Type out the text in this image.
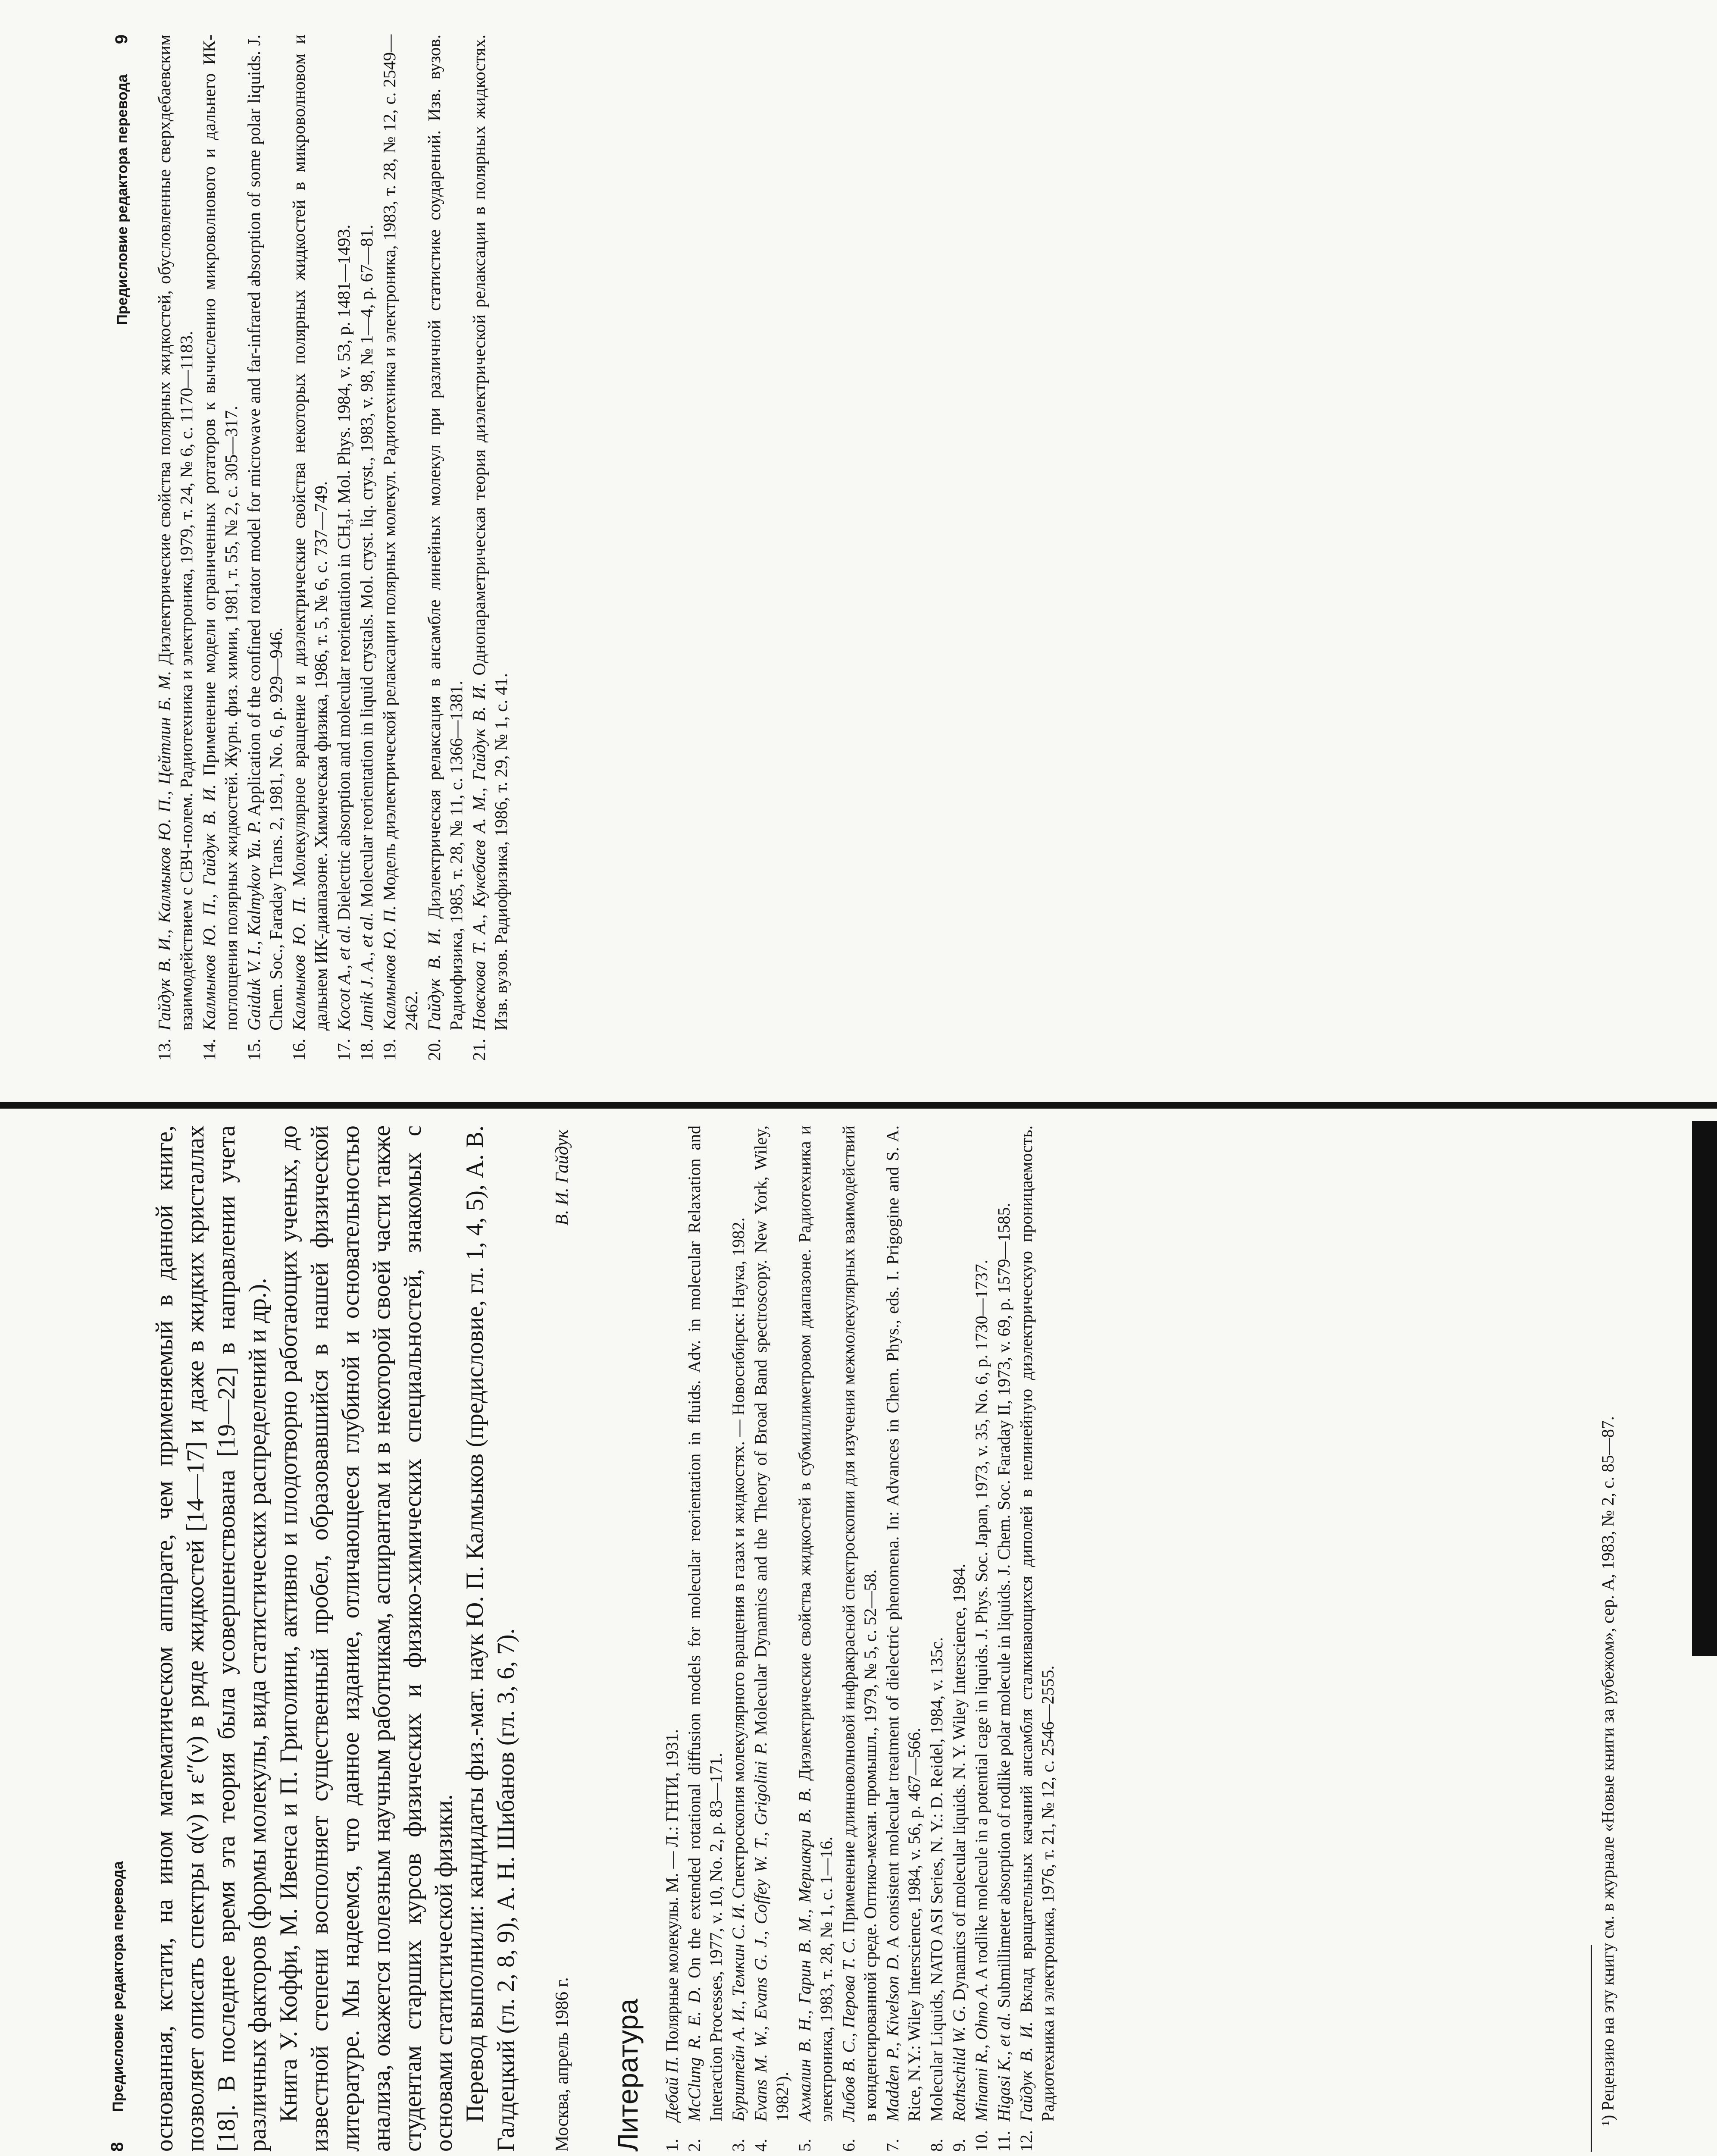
8
Предисловие редактора перевода основанная, кстати, на ином математическом аппарате, чем применяемый в данной книге, позволяет описать спектры α(ν) и ε″(ν) в ряде жидкостей [14—17] и даже в жидких кристаллах [18]. В последнее время эта теория была усовершенствована [19—22] в направлении учета различных факторов (формы молекулы, вида статистических распределений и др.). Книга У. Коффи, М. Ивенса и П. Григолини, активно и плодотворно работающих ученых, до известной степени восполняет существенный пробел, образовавшийся в нашей физической литературе. Мы надеемся, что данное издание, отличающееся глубиной и основательностью анализа, окажется полезным научным работникам, аспирантам и в некоторой своей части также студентам старших курсов физических и физико-химических специальностей, знакомых с основами статистической физики. Перевод выполнили: кандидаты физ.-мат. наук Ю. П. Калмыков (предисловие, гл. 1, 4, 5), А. В. Галдецкий (гл. 2, 8, 9), А. Н. Шибанов (гл. 3, 6, 7). Москва, апрель 1986 г.
В. И. Гайдук
Литература 1.
Дебай П. Полярные молекулы. М. — Л.: ГНТИ, 1931.
2.
McClung R. E. D. On the extended rotational diffusion models for molecular reorientation in fluids. Adv. in molecular Relaxation and Interaction Processes, 1977, v. 10, No. 2, p. 83—171.
3.
Бурштейн А. И., Темкин С. И. Спектроскопия молекулярного вращения в газах и жидкостях. — Новосибирск: Наука, 1982.
4.
Evans M. W., Evans G. J., Coffey W. T., Grigolini P. Molecular Dynamics and the Theory of Broad Band spectroscopy. New York, Wiley, 1982¹).
5.
Ахмалин В. Н., Гарин В. М., Мериакри В. В. Диэлектрические свойства жидкостей в субмиллиметровом диапазоне. Радиотехника и электроника, 1983, т. 28, № 1, с. 1—16.
6.
Либов В. С., Перова Т. С. Применение длинноволновой инфракрасной спектроскопии для изучения межмолекулярных взаимодействий в конденсированной среде. Оптико-механ. промышл., 1979, № 5, с. 52—58.
7.
Madden P., Kivelson D. A consistent molecular treatment of dielectric phenomena. In: Advances in Chem. Phys., eds. I. Prigogine and S. A. Rice, N.Y.: Wiley Interscience, 1984, v. 56, p. 467—566.
8.
Molecular Liquids, NATO ASI Series, N. Y.: D. Reidel, 1984, v. 135c.
9.
Rothschild W. G. Dynamics of molecular liquids. N. Y. Wiley Interscience, 1984.
10.
Minami R., Ohno A. A rodlike molecule in a potential cage in liquids. J. Phys. Soc. Japan, 1973, v. 35, No. 6, p. 1730—1737.
11.
Higasi K., et al. Submillimeter absorption of rodlike polar molecule in liquids. J. Chem. Soc. Faraday II, 1973, v. 69, p. 1579—1585.
12.
Гайдук В. И. Вклад вращательных качаний ансамбля сталкивающихся диполей в нелинейную диэлектрическую проницаемость. Радиотехника и электроника, 1976, т. 21, № 12, с. 2546—2555.	¹) Рецензию на эту книгу см. в журнале «Новые книги за рубежом», сер. А, 1983, № 2, с. 85—87.
Предисловие редактора перевода
9
13.
Гайдук В. И., Калмыков Ю. П., Цейтлин Б. М. Диэлектрические свойства полярных жидкостей, обусловленные сверхдебаевским взаимодействием с СВЧ-полем. Радиотехника и электроника, 1979, т. 24, № 6, с. 1170—1183.
14.
Калмыков Ю. П., Гайдук В. И. Применение модели ограниченных ротаторов к вычислению микроволнового и дальнего ИК-поглощения полярных жидкостей. Журн. физ. химии, 1981, т. 55, № 2, с. 305—317.
15.
Gaiduk V. I., Kalmykov Yu. P. Application of the confined rotator model for microwave and far-infrared absorption of some polar liquids. J. Chem. Soc., Faraday Trans. 2, 1981, No. 6, p. 929—946.
16.
Калмыков Ю. П. Молекулярное вращение и диэлектрические свойства некоторых полярных жидкостей в микроволновом и дальнем ИК-диапазоне. Химическая физика, 1986, т. 5, № 6, с. 737—749.
17.
Kocot A., et al. Dielectric absorption and molecular reorientation in CH₃I. Mol. Phys. 1984, v. 53, p. 1481—1493.
18.
Janik J. A., et al. Molecular reorientation in liquid crystals. Mol. cryst. liq. cryst., 1983, v. 98, № 1—4, p. 67—81.
19.
Калмыков Ю. П. Модель диэлектрической релаксации полярных молекул. Радиотехника и электроника, 1983, т. 28, № 12, с. 2549—2462.
20.
Гайдук В. И. Диэлектрическая релаксация в ансамбле линейных молекул при различной статистике соударений. Изв. вузов. Радиофизика, 1985, т. 28, № 11, с. 1366—1381.
21.
Новскова Т. А., Кукебаев А. М., Гайдук В. И. Однопараметрическая теория диэлектрической релаксации в полярных жидкостях. Изв. вузов. Радиофизика, 1986, т. 29, № 1, с. 41.
